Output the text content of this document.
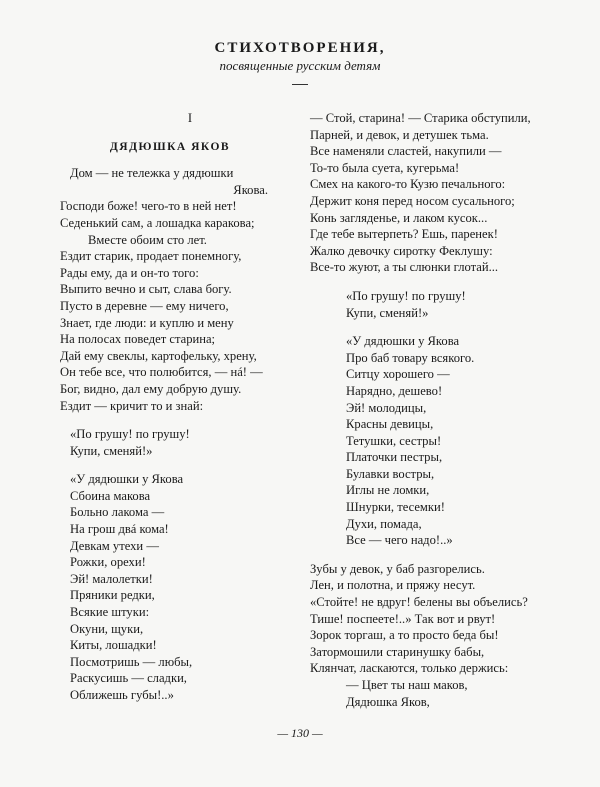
СТИХОТВОРЕНИЯ,
посвященные русским детям
I
ДЯДЮШКА ЯКОВ
Дом — не тележка у дядюшки
Якова.
Господи боже! чего-то в ней нет!
Седенький сам, а лошадка каракова;
Вместе обоим сто лет.
Ездит старик, продает понемногу,
Рады ему, да и он-то того:
Выпито вечно и сыт, слава богу.
Пусто в деревне — ему ничего,
Знает, где люди: и куплю и мену
На полосах поведет старина;
Дай ему свеклы, картофельку, хрену,
Он тебе все, что полюбится, — нá! —
Бог, видно, дал ему добрую душу.
Ездит — кричит то и знай:
«По грушу! по грушу!
Купи, сменяй!»
«У дядюшки у Якова
Сбоина макова
Больно лакома —
На грош двá кома!
Девкам утехи —
Рожки, орехи!
Эй! малолетки!
Пряники редки,
Всякие штуки:
Окуни, щуки,
Киты, лошадки!
Посмотришь — любы,
Раскусишь — сладки,
Оближешь губы!..»
— Стой, старина! — Старика обступили,
Парней, и девок, и детушек тьма.
Все наменяли сластей, накупили —
То-то была суета, кугерьма!
Смех на какого-то Кузю печального:
Держит коня перед носом сусального;
Конь загляденье, и лаком кусок...
Где тебе вытерпеть? Ешь, паренек!
Жалко девочку сиротку Феклушу:
Все-то жуют, а ты слюнки глотай...
«По грушу! по грушу!
Купи, сменяй!»
«У дядюшки у Якова
Про баб товару всякого.
Ситцу хорошего —
Нарядно, дешево!
Эй! молодицы,
Красны девицы,
Тетушки, сестры!
Платочки пестры,
Булавки востры,
Иглы не ломки,
Шнурки, тесемки!
Духи, помада,
Все — чего надо!..»
Зубы у девок, у баб разгорелись.
Лен, и полотна, и пряжу несут.
«Стойте! не вдруг! белены вы объелись?
Тише! поспеете!..» Так вот и рвут!
Зорок торгаш, а то просто беда бы!
Затормошили старинушку бабы,
Клянчат, ласкаются, только держись:
— Цвет ты наш маков,
Дядюшка Яков,
— 130 —
